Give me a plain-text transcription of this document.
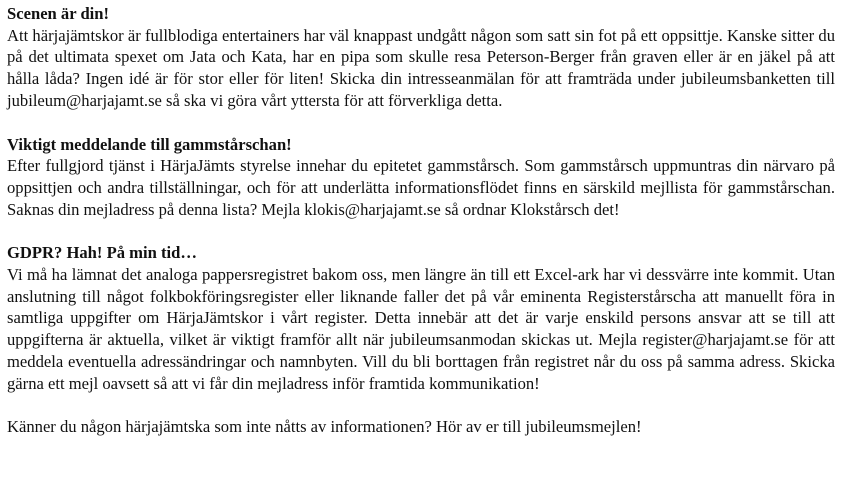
Scenen är din!

Att härjajämtskor är fullblodiga entertainers har väl knappast undgått någon som satt sin fot på ett oppsittje. Kanske sitter du på det ultimata spexet om Jata och Kata, har en pipa som skulle resa Peterson-Berger från graven eller är en jäkel på att hålla låda? Ingen idé är för stor eller för liten! Skicka din intresseanmälan för att framträda under jubileumsbanketten till jubileum@harjajamt.se så ska vi göra vårt yttersta för att förverkliga detta.

Viktigt meddelande till gammstårschan!

Efter fullgjord tjänst i HärjaJämts styrelse innehar du epitetet gammstårsch. Som gammstårsch uppmuntras din närvaro på oppsittjen och andra tillställningar, och för att underlätta informationsflödet finns en särskild mejllista för gammstårschan. Saknas din mejladress på denna lista? Mejla klokis@harjajamt.se så ordnar Klokstårsch det!

GDPR? Hah! På min tid…

Vi må ha lämnat det analoga pappersregistret bakom oss, men längre än till ett Excel-ark har vi dessvärre inte kommit. Utan anslutning till något folkbokföringsregister eller liknande faller det på vår eminenta Registerstårscha att manuellt föra in samtliga uppgifter om HärjaJämtskor i vårt register. Detta innebär att det är varje enskild persons ansvar att se till att uppgifterna är aktuella, vilket är viktigt framför allt när jubileumsanmodan skickas ut. Mejla register@harjajamt.se för att meddela eventuella adressändringar och namnbyten. Vill du bli borttagen från registret når du oss på samma adress. Skicka gärna ett mejl oavsett så att vi får din mejladress inför framtida kommunikation!

Känner du någon härjajämtska som inte nåtts av informationen? Hör av er till jubileumsmejlen!
